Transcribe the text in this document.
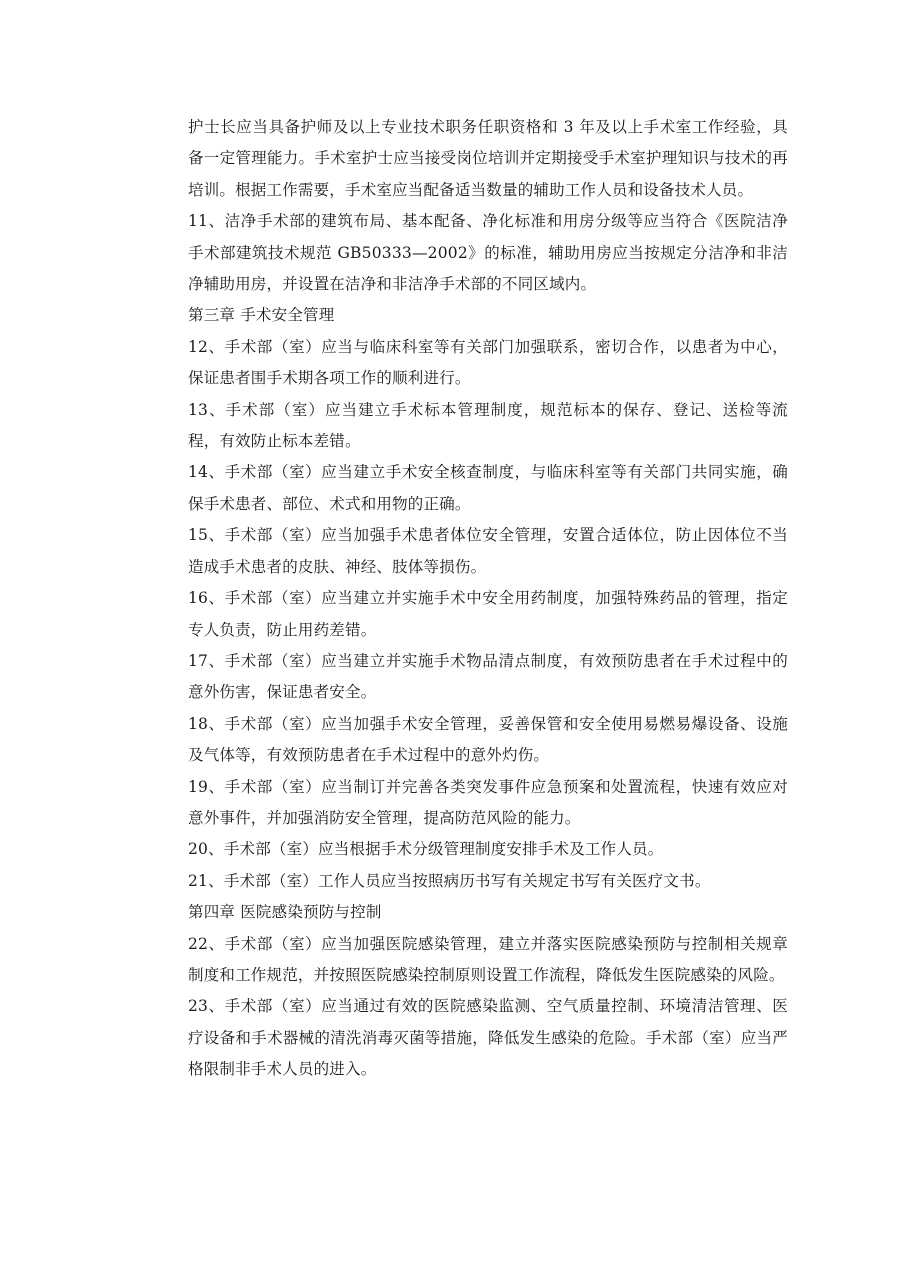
护士长应当具备护师及以上专业技术职务任职资格和 3 年及以上手术室工作经验，具备一定管理能力。手术室护士应当接受岗位培训并定期接受手术室护理知识与技术的再培训。根据工作需要，手术室应当配备适当数量的辅助工作人员和设备技术人员。

11、洁净手术部的建筑布局、基本配备、净化标准和用房分级等应当符合《医院洁净手术部建筑技术规范 GB50333—2002》的标准，辅助用房应当按规定分洁净和非洁净辅助用房，并设置在洁净和非洁净手术部的不同区域内。

第三章 手术安全管理

12、手术部（室）应当与临床科室等有关部门加强联系，密切合作，以患者为中心，保证患者围手术期各项工作的顺利进行。

13、手术部（室）应当建立手术标本管理制度，规范标本的保存、登记、送检等流程，有效防止标本差错。

14、手术部（室）应当建立手术安全核查制度，与临床科室等有关部门共同实施，确保手术患者、部位、术式和用物的正确。

15、手术部（室）应当加强手术患者体位安全管理，安置合适体位，防止因体位不当造成手术患者的皮肤、神经、肢体等损伤。

16、手术部（室）应当建立并实施手术中安全用药制度，加强特殊药品的管理，指定专人负责，防止用药差错。

17、手术部（室）应当建立并实施手术物品清点制度，有效预防患者在手术过程中的意外伤害，保证患者安全。

18、手术部（室）应当加强手术安全管理，妥善保管和安全使用易燃易爆设备、设施及气体等，有效预防患者在手术过程中的意外灼伤。

19、手术部（室）应当制订并完善各类突发事件应急预案和处置流程，快速有效应对意外事件，并加强消防安全管理，提高防范风险的能力。

20、手术部（室）应当根据手术分级管理制度安排手术及工作人员。

21、手术部（室）工作人员应当按照病历书写有关规定书写有关医疗文书。

第四章 医院感染预防与控制

22、手术部（室）应当加强医院感染管理，建立并落实医院感染预防与控制相关规章制度和工作规范，并按照医院感染控制原则设置工作流程，降低发生医院感染的风险。

23、手术部（室）应当通过有效的医院感染监测、空气质量控制、环境清洁管理、医疗设备和手术器械的清洗消毒灭菌等措施，降低发生感染的危险。手术部（室）应当严格限制非手术人员的进入。
